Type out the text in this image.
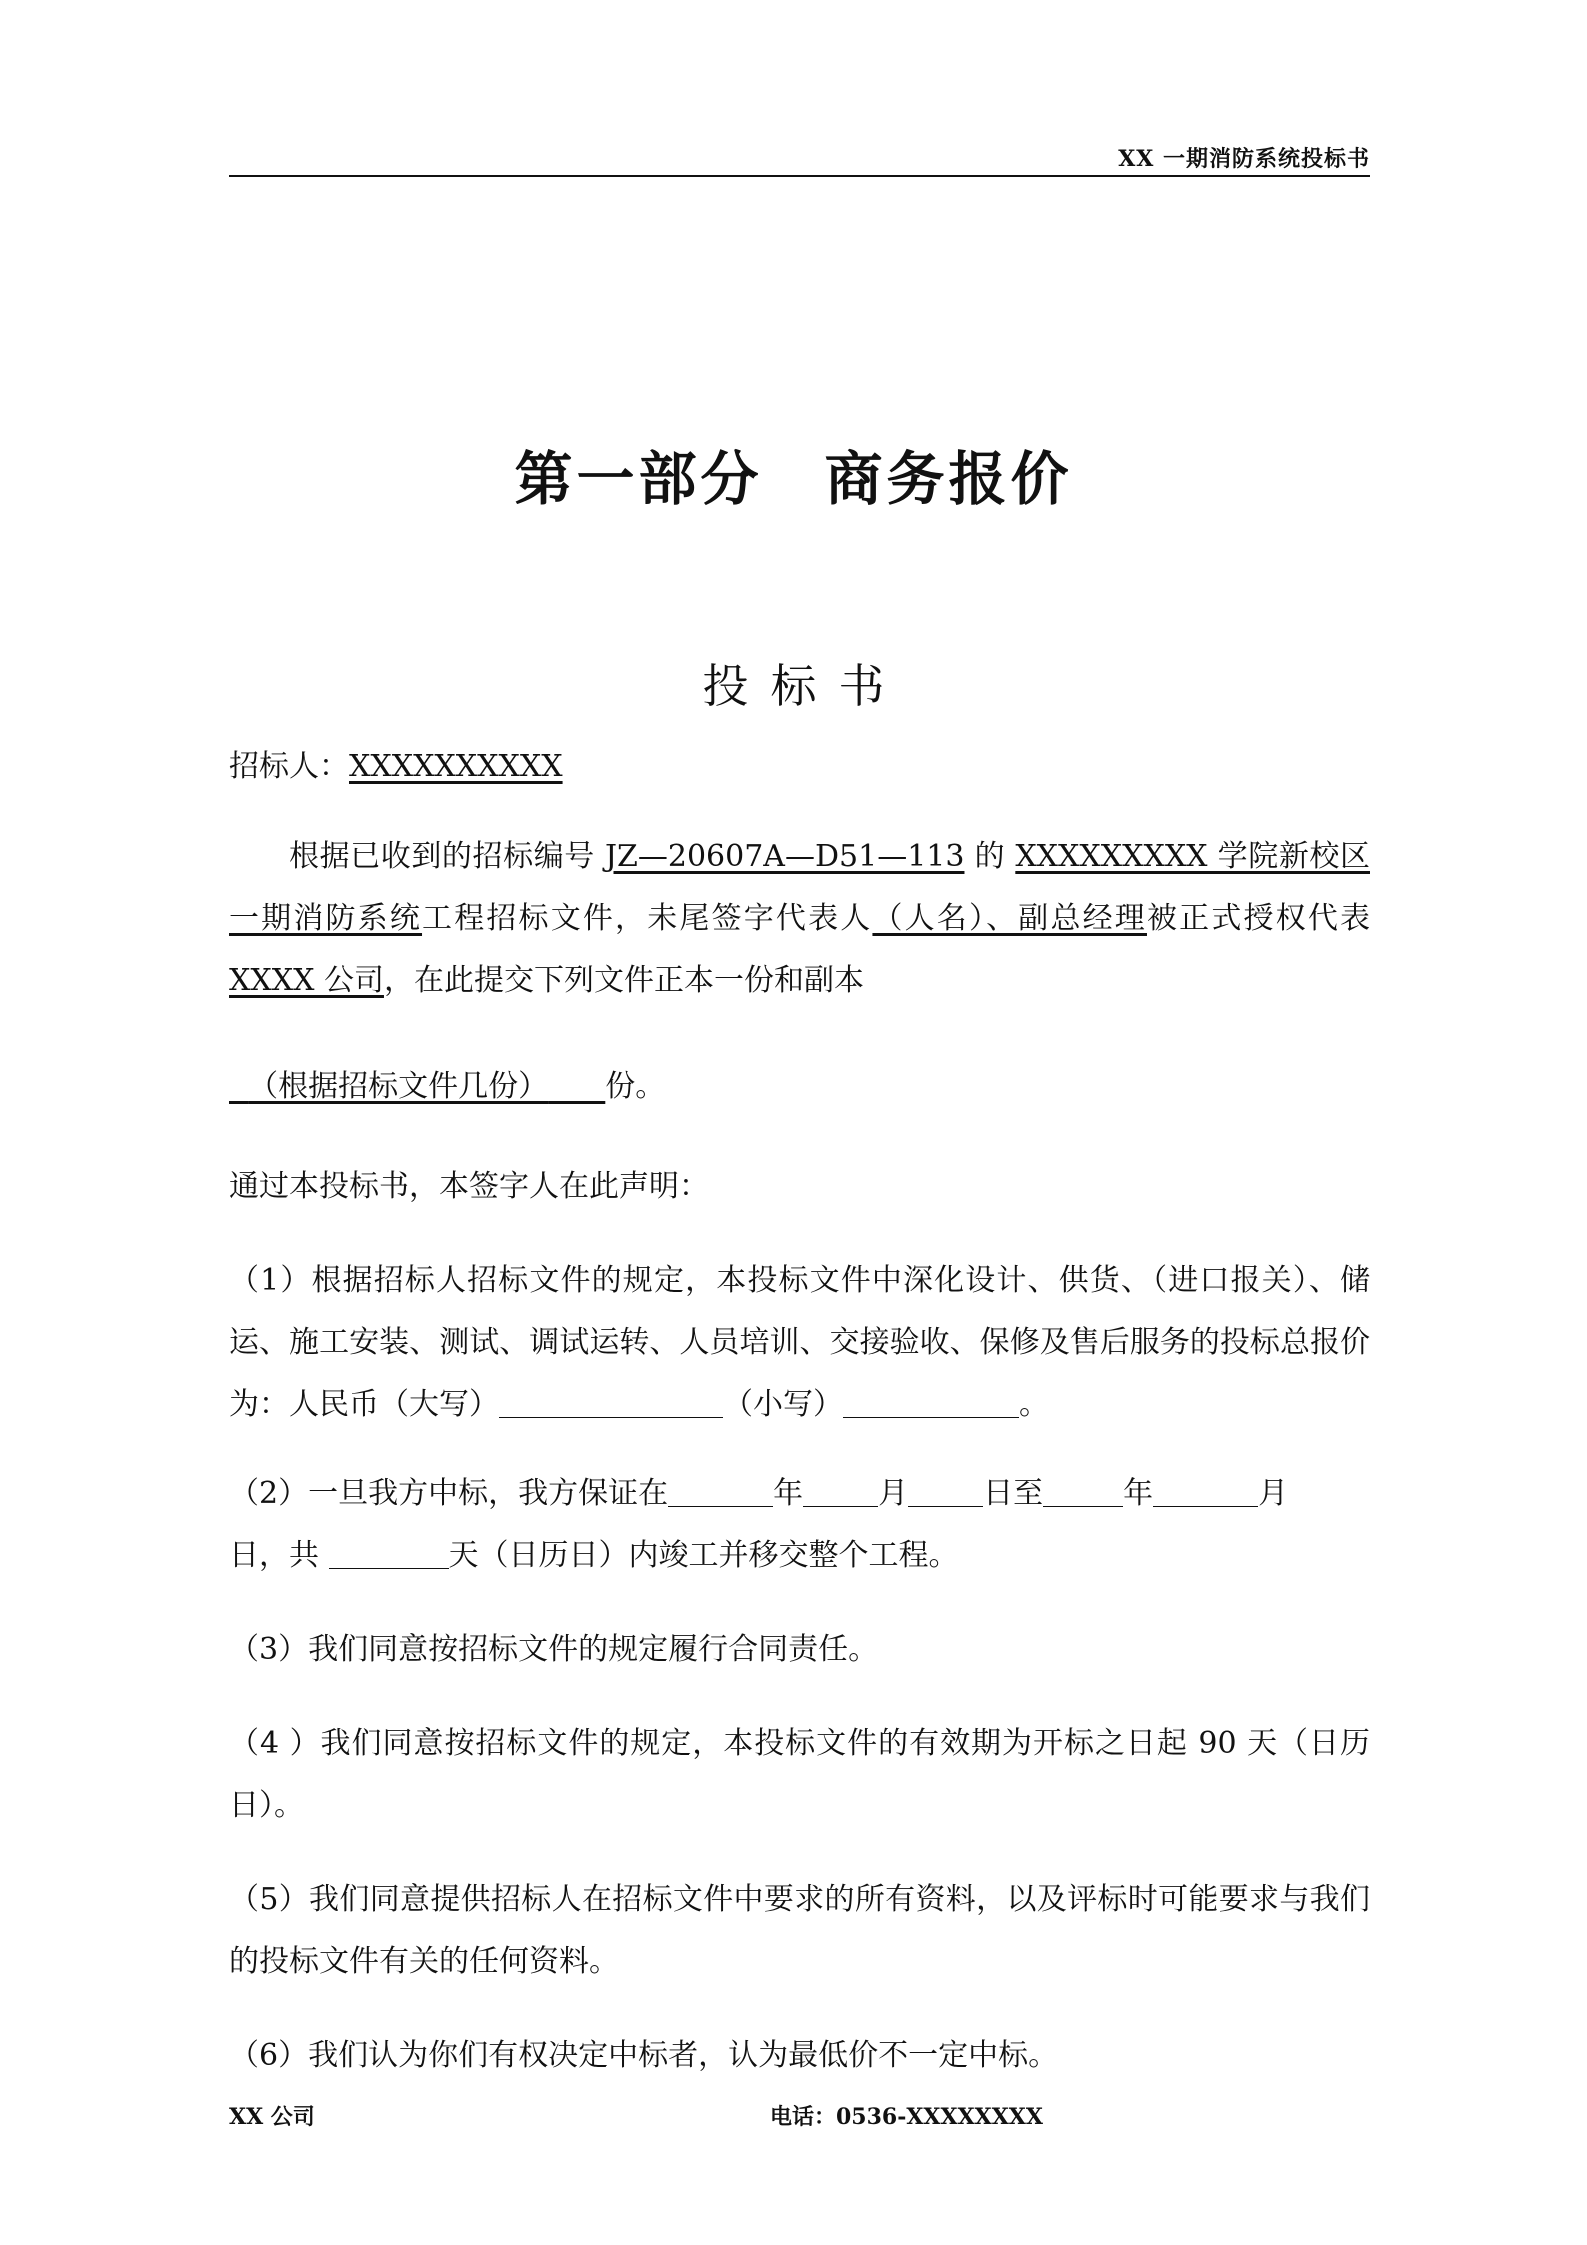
XX 一期消防系统投标书
第一部分　商务报价
投标书
招标人：XXXXXXXXXX
根据已收到的招标编号 JZ—20607A—D51—113 的 XXXXXXXXX 学院新校区一期消防系统工程招标文件，未尾签字代表人（人名）、副总经理被正式授权代表 XXXX 公司，在此提交下列文件正本一份和副本
（根据招标文件几份） 份。
通过本投标书，本签字人在此声明：
（1）根据招标人招标文件的规定，本投标文件中深化设计、供货、（进口报关）、储运、施工安装、测试、调试运转、人员培训、交接验收、保修及售后服务的投标总报价为：人民币（大写）	（小写）	。
（2）一旦我方中标，我方保证在	年	月	日至	年	月
日，共	天（日历日）内竣工并移交整个工程。
（3）我们同意按招标文件的规定履行合同责任。
（4 ）我们同意按招标文件的规定，本投标文件的有效期为开标之日起 90 天（日历日）。
（5）我们同意提供招标人在招标文件中要求的所有资料，以及评标时可能要求与我们的投标文件有关的任何资料。
（6）我们认为你们有权决定中标者，认为最低价不一定中标。
XX 公司	电话：0536-XXXXXXXX
